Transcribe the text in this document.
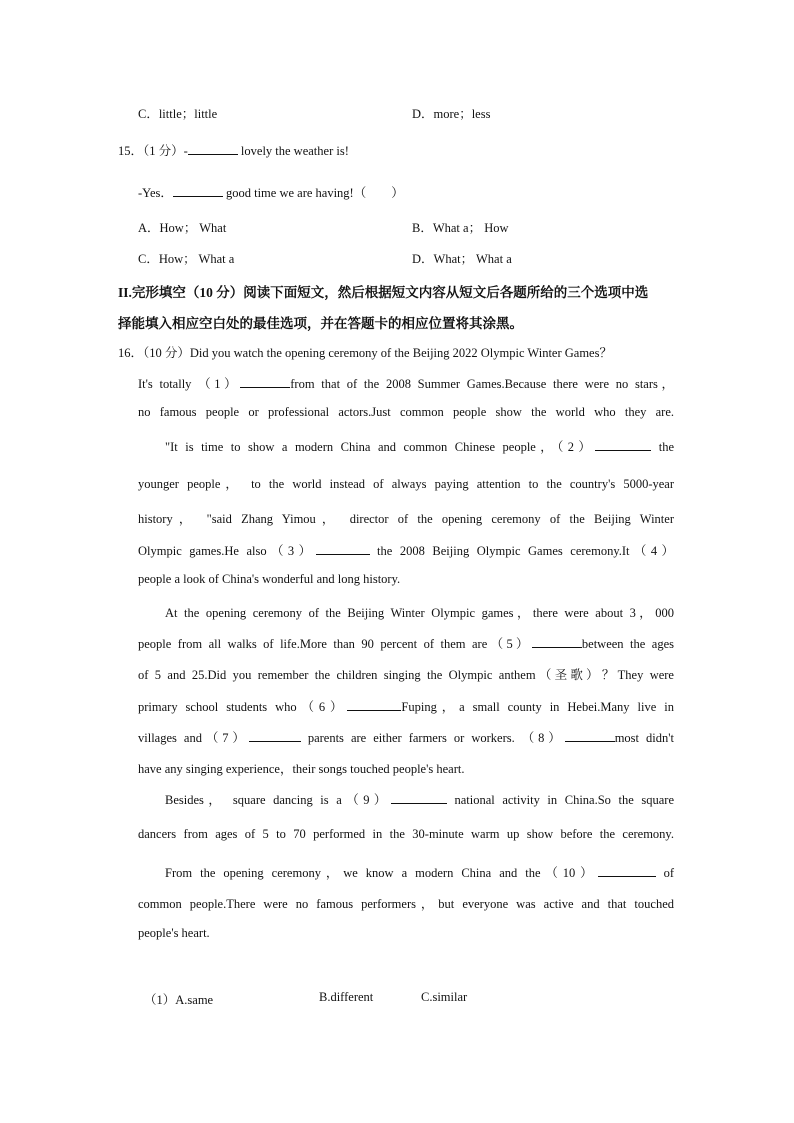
C．little；little	D．more；less
15．（1 分）-	lovely the weather is!
-Yes．	good time we are having!（　　）
A．How； What	B．What a； How
C．How； What a	D．What； What a
II.完形填空（10 分）阅读下面短文，然后根据短文内容从短文后各题所给的三个选项中选
择能填入相应空白处的最佳选项，并在答题卡的相应位置将其涂黑。
16．（10 分）Did you watch the opening ceremony of the Beijing 2022 Olympic Winter Games？
It's totally （1）	from that of the 2008 Summer Games.Because there were no stars，
no famous people or professional actors.Just common people show the world who they are.
"It is time to show a modern China and common Chinese people，（2）	the
younger people， to the world instead of always paying attention to the country's 5000-year
history， "said Zhang Yimou， director of the opening ceremony of the Beijing Winter
Olympic games.He also（3）	the 2008 Beijing Olympic Games ceremony.It（4）
people a look of China's wonderful and long history.
At the opening ceremony of the Beijing Winter Olympic games，there were about 3，000
people from all walks of life.More than 90 percent of them are（5）	between the ages
of 5 and 25.Did you remember the children singing the Olympic anthem（圣歌）？They were
primary school students who（6）	Fuping，a small county in Hebei.Many live in
villages and（7）	parents are either farmers or workers. （8）	most didn't
have any singing experience，their songs touched people's heart.
Besides， square dancing is a（9）	national activity in China.So the square
dancers from ages of 5 to 70 performed in the 30-minute warm up show before the ceremony.
From the opening ceremony，we know a modern China and the（10）	of
common people.There were no famous performers，but everyone was active and that touched
people's heart.
（1）A.same	B.different	C.similar
